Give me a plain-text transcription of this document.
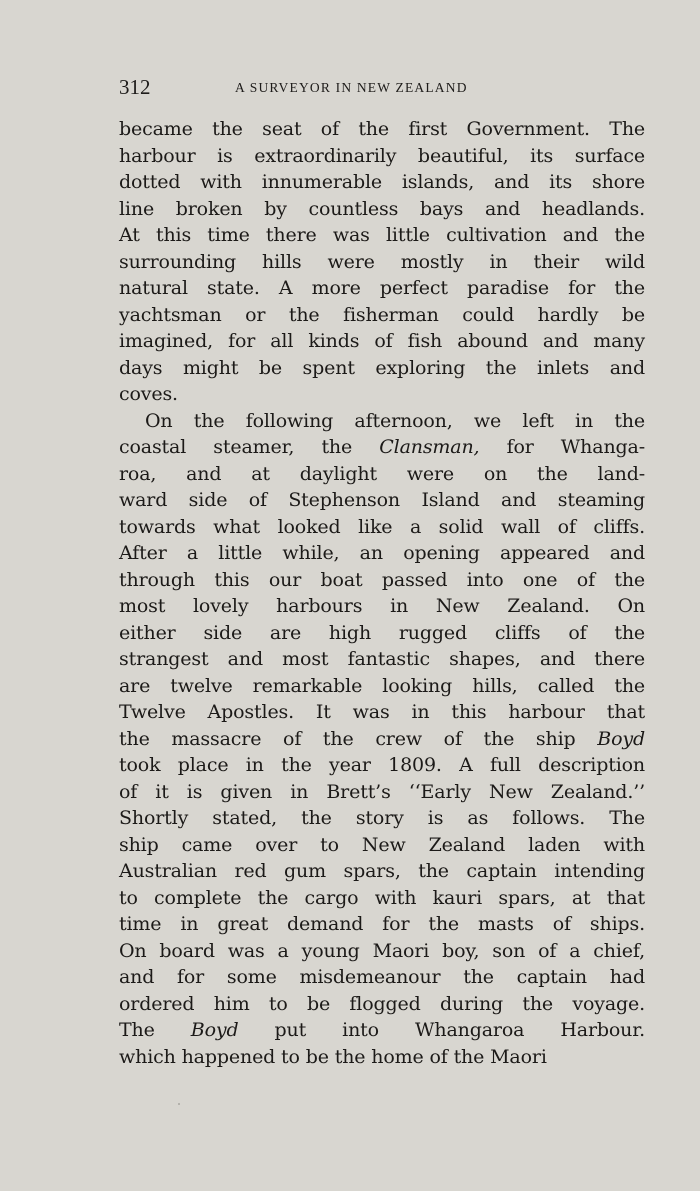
312	A SURVEYOR IN NEW ZEALAND
became the seat of the first Government. The
harbour is extraordinarily beautiful, its surface
dotted with innumerable islands, and its shore
line broken by countless bays and headlands.
At this time there was little cultivation and the
surrounding hills were mostly in their wild
natural state. A more perfect paradise for the
yachtsman or the fisherman could hardly be
imagined, for all kinds of fish abound and many
days might be spent exploring the inlets and
coves.
On the following afternoon, we left in the
coastal steamer, the Clansman, for Whanga-
roa, and at daylight were on the land-
ward side of Stephenson Island and steaming
towards what looked like a solid wall of cliffs.
After a little while, an opening appeared and
through this our boat passed into one of the
most lovely harbours in New Zealand. On
either side are high rugged cliffs of the
strangest and most fantastic shapes, and there
are twelve remarkable looking hills, called the
Twelve Apostles. It was in this harbour that
the massacre of the crew of the ship Boyd
took place in the year 1809. A full description
of it is given in Brett’s ‘‘Early New Zealand.’’
Shortly stated, the story is as follows. The
ship came over to New Zealand laden with
Australian red gum spars, the captain intending
to complete the cargo with kauri spars, at that
time in great demand for the masts of ships.
On board was a young Maori boy, son of a chief,
and for some misdemeanour the captain had
ordered him to be flogged during the voyage.
The Boyd put into Whangaroa Harbour.
which happened to be the home of the Maori
